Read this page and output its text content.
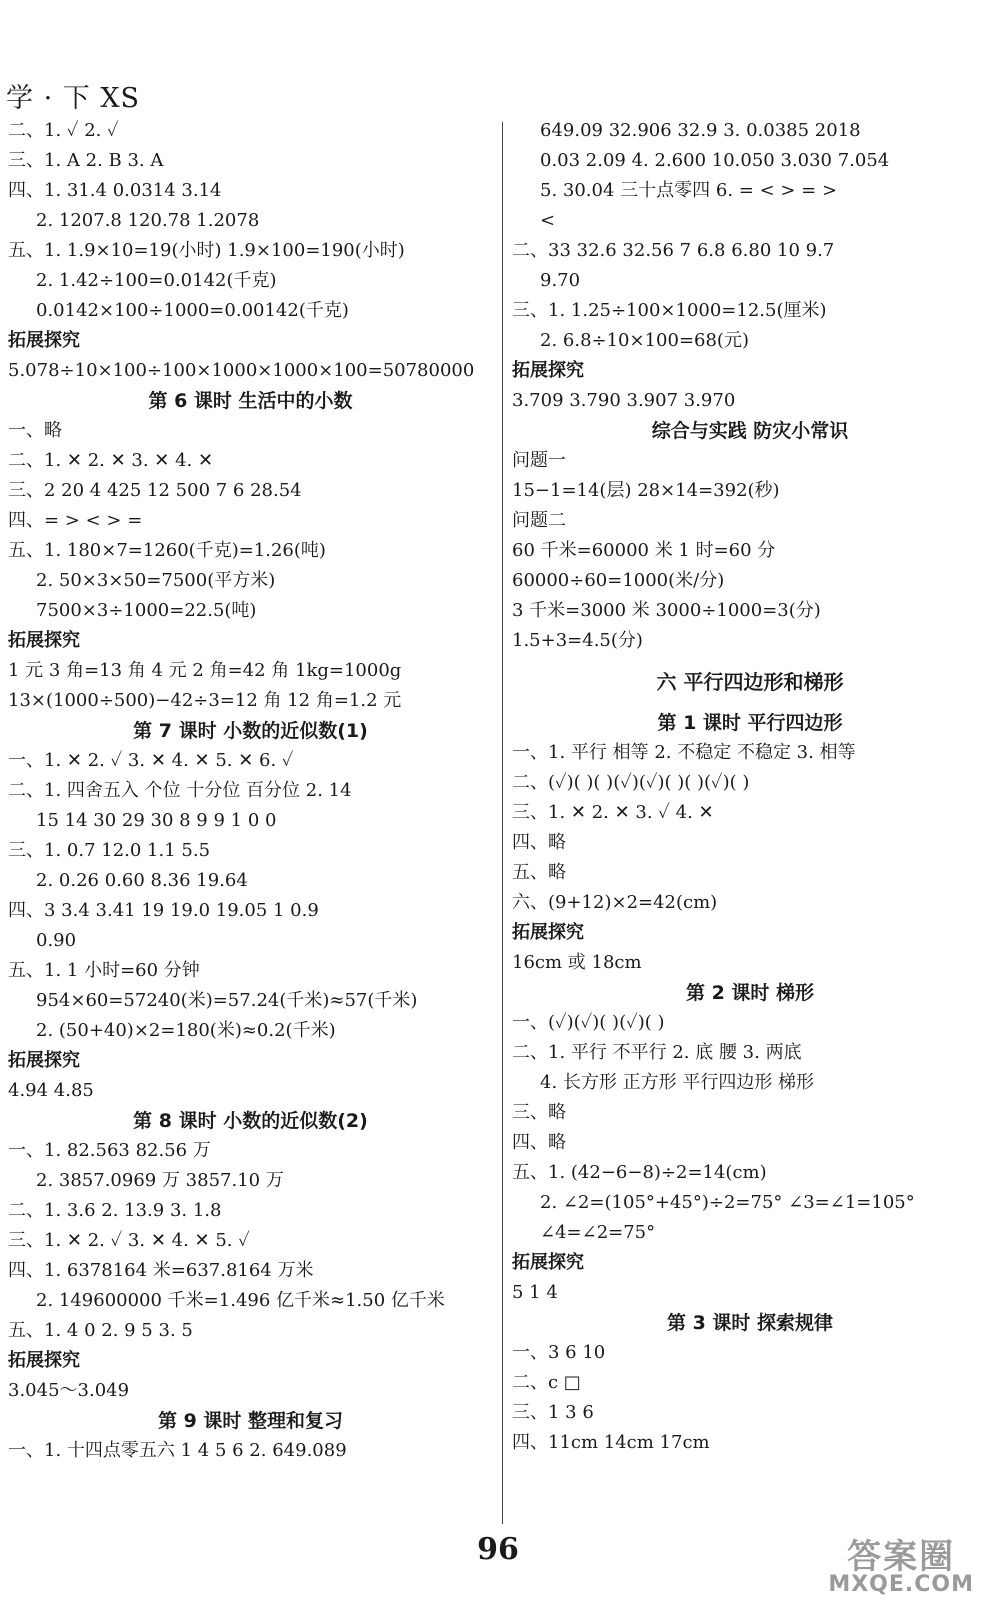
学 · 下 XS
二、1. ✓ 2. ✓
三、1. A 2. B 3. A
四、1. 31.4 0.0314 3.14
2. 1207.8 120.78 1.2078
五、1. 1.9×10=19(小时) 1.9×100=190(小时)
2. 1.42÷100=0.0142(千克)
0.0142×100÷1000=0.00142(千克)
拓展探究
5.078÷10×100÷100×1000×1000×100=50780000
第 6 课时 生活中的小数
一、略
二、1. ✕ 2. ✕ 3. ✕ 4. ✕
三、2 20 4 425 12 500 7 6 28.54
四、= > < > =
五、1. 180×7=1260(千克)=1.26(吨)
2. 50×3×50=7500(平方米)
7500×3÷1000=22.5(吨)
拓展探究
1 元 3 角=13 角 4 元 2 角=42 角 1kg=1000g
13×(1000÷500)−42÷3=12 角 12 角=1.2 元
第 7 课时 小数的近似数(1)
一、1. ✕ 2. ✓ 3. ✕ 4. ✕ 5. ✕ 6. ✓
二、1. 四舍五入 个位 十分位 百分位 2. 14
15 14 30 29 30 8 9 9 1 0 0
三、1. 0.7 12.0 1.1 5.5
2. 0.26 0.60 8.36 19.64
四、3 3.4 3.41 19 19.0 19.05 1 0.9
0.90
五、1. 1 小时=60 分钟
954×60=57240(米)=57.24(千米)≈57(千米)
2. (50+40)×2=180(米)≈0.2(千米)
拓展探究
4.94 4.85
第 8 课时 小数的近似数(2)
一、1. 82.563 82.56 万
2. 3857.0969 万 3857.10 万
二、1. 3.6 2. 13.9 3. 1.8
三、1. ✕ 2. ✓ 3. ✕ 4. ✕ 5. ✓
四、1. 6378164 米=637.8164 万米
2. 149600000 千米=1.496 亿千米≈1.50 亿千米
五、1. 4 0 2. 9 5 3. 5
拓展探究
3.045～3.049
第 9 课时 整理和复习
一、1. 十四点零五六 1 4 5 6 2. 649.089
649.09 32.906 32.9 3. 0.0385 2018
0.03 2.09 4. 2.600 10.050 3.030 7.054
5. 30.04 三十点零四 6. = < > = >
<
二、33 32.6 32.56 7 6.8 6.80 10 9.7
9.70
三、1. 1.25÷100×1000=12.5(厘米)
2. 6.8÷10×100=68(元)
拓展探究
3.709 3.790 3.907 3.970
综合与实践 防灾小常识
问题一
15−1=14(层) 28×14=392(秒)
问题二
60 千米=60000 米 1 时=60 分
60000÷60=1000(米/分)
3 千米=3000 米 3000÷1000=3(分)
1.5+3=4.5(分)
六 平行四边形和梯形
第 1 课时 平行四边形
一、1. 平行 相等 2. 不稳定 不稳定 3. 相等
二、(✓)( )( )(✓)(✓)( )( )(✓)( )
三、1. ✕ 2. ✕ 3. ✓ 4. ✕
四、略
五、略
六、(9+12)×2=42(cm)
拓展探究
16cm 或 18cm
第 2 课时 梯形
一、(✓)(✓)( )(✓)( )
二、1. 平行 不平行 2. 底 腰 3. 两底
4. 长方形 正方形 平行四边形 梯形
三、略
四、略
五、1. (42−6−8)÷2=14(cm)
2. ∠2=(105°+45°)÷2=75° ∠3=∠1=105°
∠4=∠2=75°
拓展探究
5 1 4
第 3 课时 探索规律
一、3 6 10
二、c □
三、1 3 6
四、11cm 14cm 17cm
96	答案圈
MXQE.COM
